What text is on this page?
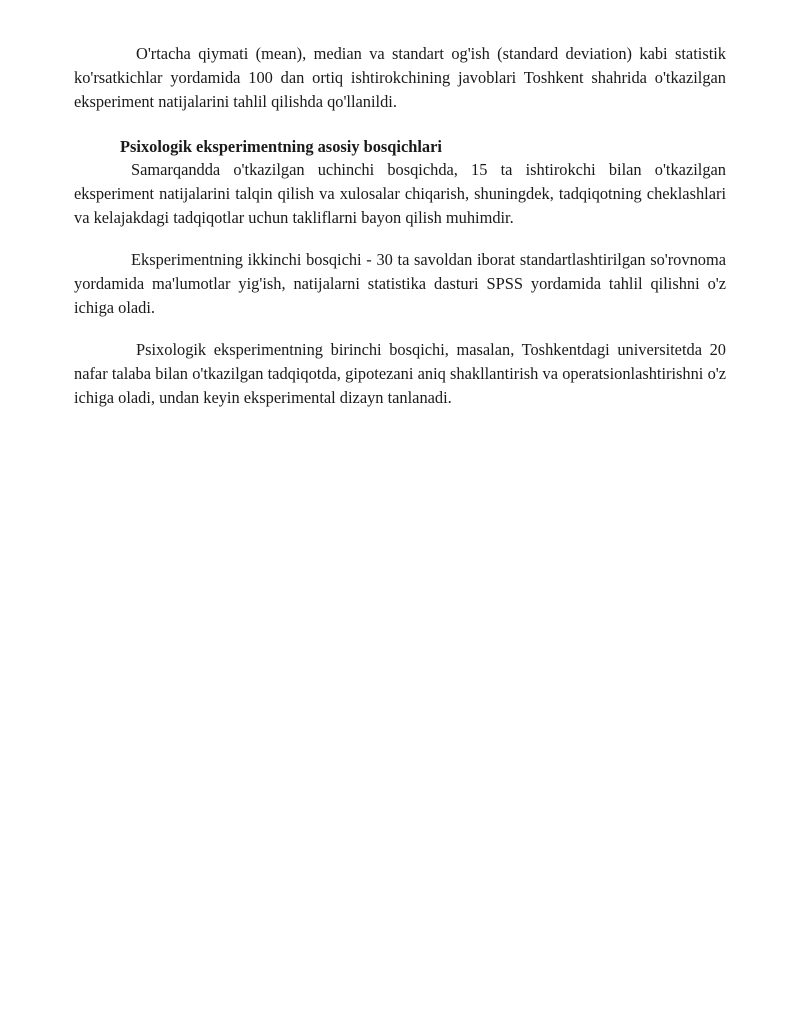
O'rtacha qiymati (mean), median va standart og'ish (standard deviation) kabi statistik ko'rsatkichlar yordamida 100 dan ortiq ishtirokchining javoblari Toshkent shahrida o'tkazilgan eksperiment natijalarini tahlil qilishda qo'llanildi.

Psixologik eksperimentning asosiy bosqichlari

Samarqandda o'tkazilgan uchinchi bosqichda, 15 ta ishtirokchi bilan o'tkazilgan eksperiment natijalarini talqin qilish va xulosalar chiqarish, shuningdek, tadqiqotning cheklashlari va kelajakdagi tadqiqotlar uchun takliflarni bayon qilish muhimdir.

Eksperimentning ikkinchi bosqichi - 30 ta savoldan iborat standartlashtirilgan so'rovnoma yordamida ma'lumotlar yig'ish, natijalarni statistika dasturi SPSS yordamida tahlil qilishni o'z ichiga oladi.

Psixologik eksperimentning birinchi bosqichi, masalan, Toshkentdagi universitetda 20 nafar talaba bilan o'tkazilgan tadqiqotda, gipotezani aniq shakllantirish va operatsionlashtirishni o'z ichiga oladi, undan keyin eksperimental dizayn tanlanadi.
